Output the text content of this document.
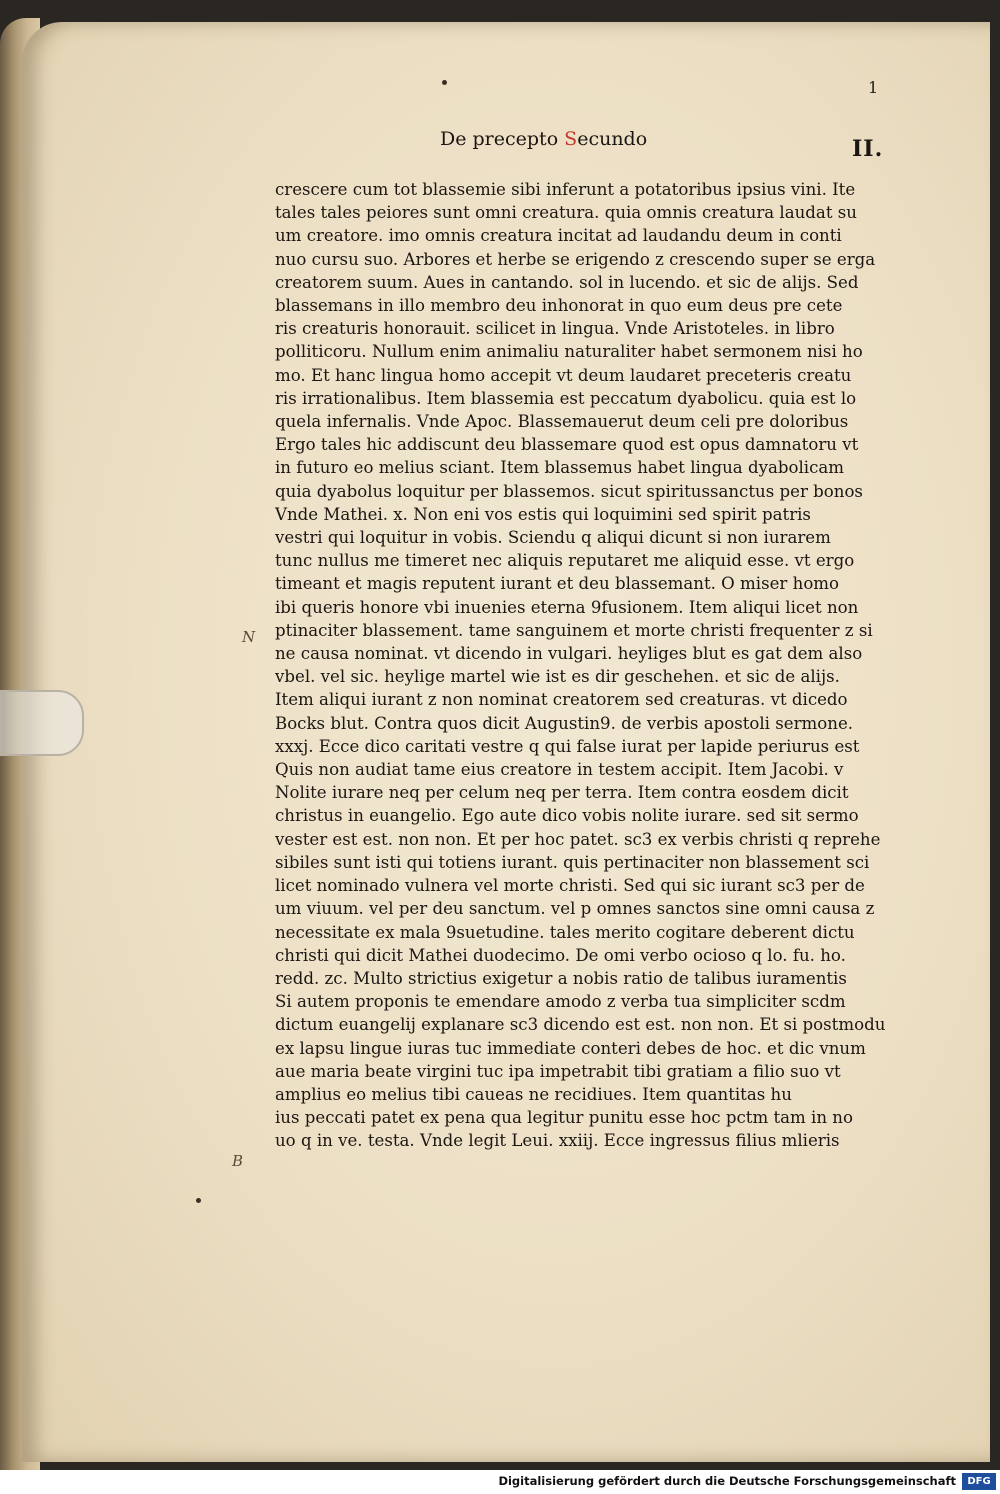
1
De precepto Secundo	II.
crescere cum tot blassemie sibi inferunt a potatoribus ipsius vini. Ite
tales tales peiores sunt omni creatura. quia omnis creatura laudat su
um creatore. imo omnis creatura incitat ad laudandu deum in conti
nuo cursu suo. Arbores et herbe se erigendo z crescendo super se erga
creatorem suum. Aues in cantando. sol in lucendo. et sic de alijs. Sed
blassemans in illo membro deu inhonorat in quo eum deus pre cete
ris creaturis honorauit. scilicet in lingua. Vnde Aristoteles. in libro
polliticoru. Nullum enim animaliu naturaliter habet sermonem nisi ho
mo. Et hanc lingua homo accepit vt deum laudaret preceteris creatu
ris irrationalibus. Item blassemia est peccatum dyabolicu. quia est lo
quela infernalis. Vnde Apoc. Blassemauerut deum celi pre doloribus
Ergo tales hic addiscunt deu blassemare quod est opus damnatoru vt
in futuro eo melius sciant. Item blassemus habet lingua dyabolicam
quia dyabolus loquitur per blassemos. sicut spiritussanctus per bonos
Vnde Mathei. x. Non eni vos estis qui loquimini sed spirit patris
vestri qui loquitur in vobis. Sciendu q aliqui dicunt si non iurarem
tunc nullus me timeret nec aliquis reputaret me aliquid esse. vt ergo
timeant et magis reputent iurant et deu blassemant. O miser homo
ibi queris honore vbi inuenies eterna 9fusionem. Item aliqui licet non
ptinaciter blassement. tame sanguinem et morte christi frequenter z si
ne causa nominat. vt dicendo in vulgari. heyliges blut es gat dem also
vbel. vel sic. heylige martel wie ist es dir geschehen. et sic de alijs.
Item aliqui iurant z non nominat creatorem sed creaturas. vt dicedo
Bocks blut. Contra quos dicit Augustin9. de verbis apostoli sermone.
xxxj. Ecce dico caritati vestre q qui false iurat per lapide periurus est
Quis non audiat tame eius creatore in testem accipit. Item Jacobi. v
Nolite iurare neq per celum neq per terra. Item contra eosdem dicit
christus in euangelio. Ego aute dico vobis nolite iurare. sed sit sermo
vester est est. non non. Et per hoc patet. sc3 ex verbis christi q reprehe
sibiles sunt isti qui totiens iurant. quis pertinaciter non blassement sci
licet nominado vulnera vel morte christi. Sed qui sic iurant sc3 per de
um viuum. vel per deu sanctum. vel p omnes sanctos sine omni causa z
necessitate ex mala 9suetudine. tales merito cogitare deberent dictu
christi qui dicit Mathei duodecimo. De omi verbo ocioso q lo. fu. ho.
redd. zc. Multo strictius exigetur a nobis ratio de talibus iuramentis
Si autem proponis te emendare amodo z verba tua simpliciter scdm
dictum euangelij explanare sc3 dicendo est est. non non. Et si postmodu
ex lapsu lingue iuras tuc immediate conteri debes de hoc. et dic vnum
aue maria beate virgini tuc ipa impetrabit tibi gratiam a filio suo vt
amplius eo melius tibi caueas ne recidiues. Item quantitas hu
ius peccati patet ex pena qua legitur punitu esse hoc pctm tam in no
uo q in ve. testa. Vnde legit Leui. xxiij. Ecce ingressus filius mlieris
N
B
Digitalisierung gefördert durch die Deutsche Forschungsgemeinschaft	DFG
